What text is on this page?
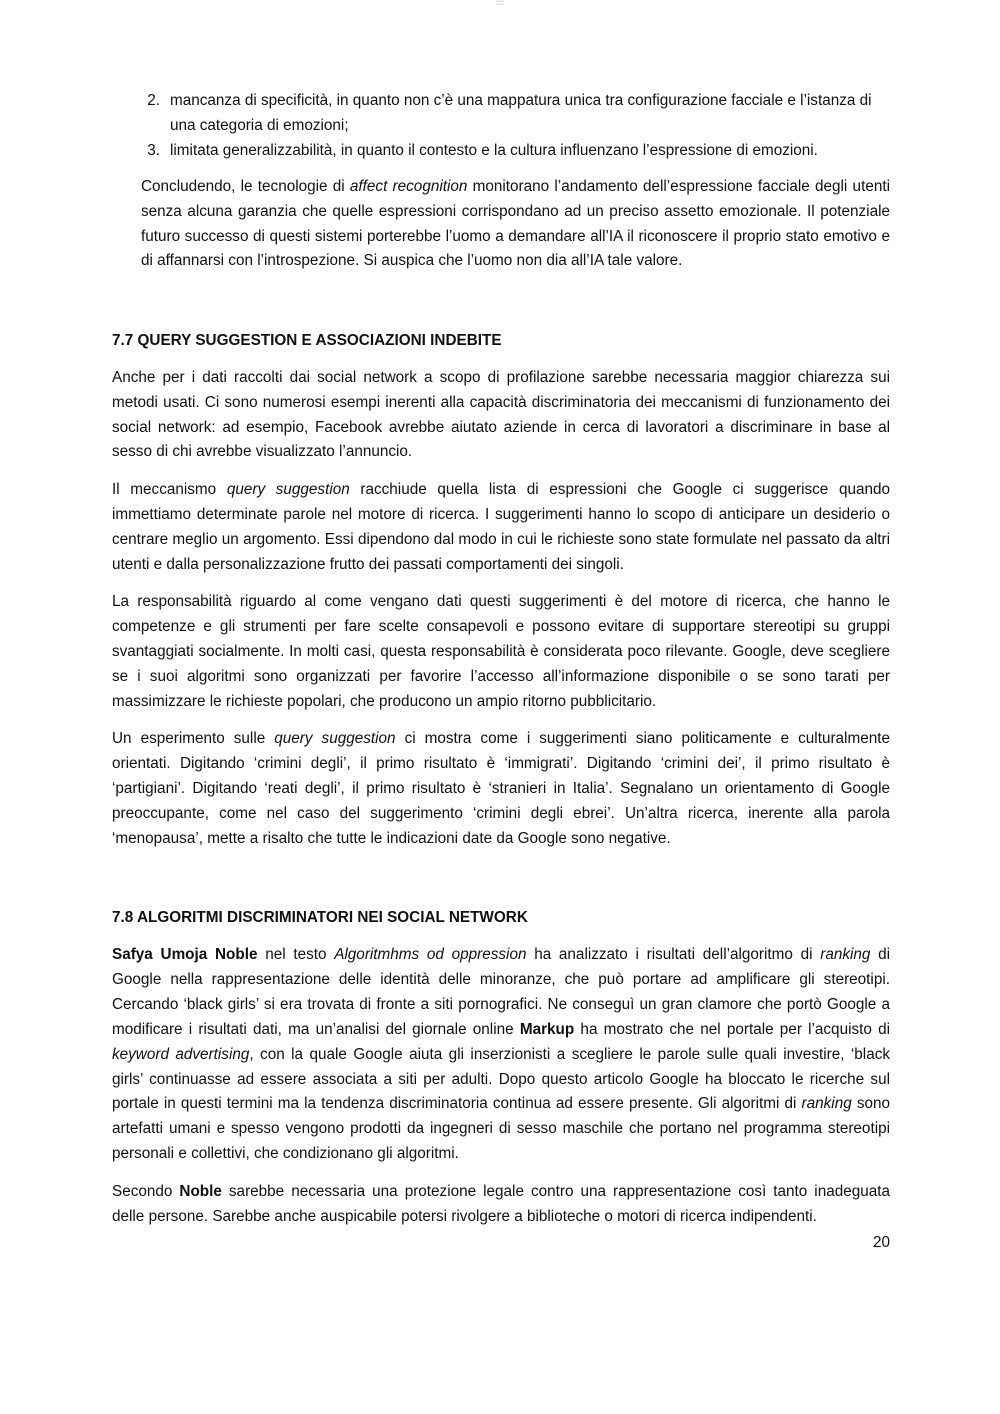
Lorem ipsum
2. mancanza di specificità, in quanto non c’è una mappatura unica tra configurazione facciale e l’istanza di una categoria di emozioni;
3. limitata generalizzabilità, in quanto il contesto e la cultura influenzano l’espressione di emozioni.

Concludendo, le tecnologie di affect recognition monitorano l’andamento dell’espressione facciale degli utenti senza alcuna garanzia che quelle espressioni corrispondano ad un preciso assetto emozionale. Il potenziale futuro successo di questi sistemi porterebbe l’uomo a demandare all’IA il riconoscere il proprio stato emotivo e di affannarsi con l’introspezione. Si auspica che l’uomo non dia all’IA tale valore.

7.7 QUERY SUGGESTION E ASSOCIAZIONI INDEBITE

Anche per i dati raccolti dai social network a scopo di profilazione sarebbe necessaria maggior chiarezza sui metodi usati. Ci sono numerosi esempi inerenti alla capacità discriminatoria dei meccanismi di funzionamento dei social network: ad esempio, Facebook avrebbe aiutato aziende in cerca di lavoratori a discriminare in base al sesso di chi avrebbe visualizzato l’annuncio.

Il meccanismo query suggestion racchiude quella lista di espressioni che Google ci suggerisce quando immettiamo determinate parole nel motore di ricerca. I suggerimenti hanno lo scopo di anticipare un desiderio o centrare meglio un argomento. Essi dipendono dal modo in cui le richieste sono state formulate nel passato da altri utenti e dalla personalizzazione frutto dei passati comportamenti dei singoli.

La responsabilità riguardo al come vengano dati questi suggerimenti è del motore di ricerca, che hanno le competenze e gli strumenti per fare scelte consapevoli e possono evitare di supportare stereotipi su gruppi svantaggiati socialmente. In molti casi, questa responsabilità è considerata poco rilevante. Google, deve scegliere se i suoi algoritmi sono organizzati per favorire l’accesso all’informazione disponibile o se sono tarati per massimizzare le richieste popolari, che producono un ampio ritorno pubblicitario.

Un esperimento sulle query suggestion ci mostra come i suggerimenti siano politicamente e culturalmente orientati. Digitando ‘crimini degli’, il primo risultato è ‘immigrati’. Digitando ‘crimini dei’, il primo risultato è ‘partigiani’. Digitando ‘reati degli’, il primo risultato è ‘stranieri in Italia’. Segnalano un orientamento di Google preoccupante, come nel caso del suggerimento ‘crimini degli ebrei’. Un’altra ricerca, inerente alla parola ‘menopausa’, mette a risalto che tutte le indicazioni date da Google sono negative.

7.8 ALGORITMI DISCRIMINATORI NEI SOCIAL NETWORK

Safya Umoja Noble nel testo Algoritmhms od oppression ha analizzato i risultati dell’algoritmo di ranking di Google nella rappresentazione delle identità delle minoranze, che può portare ad amplificare gli stereotipi. Cercando ‘black girls’ si era trovata di fronte a siti pornografici. Ne conseguì un gran clamore che portò Google a modificare i risultati dati, ma un’analisi del giornale online Markup ha mostrato che nel portale per l’acquisto di keyword advertising, con la quale Google aiuta gli inserzionisti a scegliere le parole sulle quali investire, ‘black girls’ continuasse ad essere associata a siti per adulti. Dopo questo articolo Google ha bloccato le ricerche sul portale in questi termini ma la tendenza discriminatoria continua ad essere presente. Gli algoritmi di ranking sono artefatti umani e spesso vengono prodotti da ingegneri di sesso maschile che portano nel programma stereotipi personali e collettivi, che condizionano gli algoritmi.

Secondo Noble sarebbe necessaria una protezione legale contro una rappresentazione così tanto inadeguata delle persone. Sarebbe anche auspicabile potersi rivolgere a biblioteche o motori di ricerca indipendenti.

20
